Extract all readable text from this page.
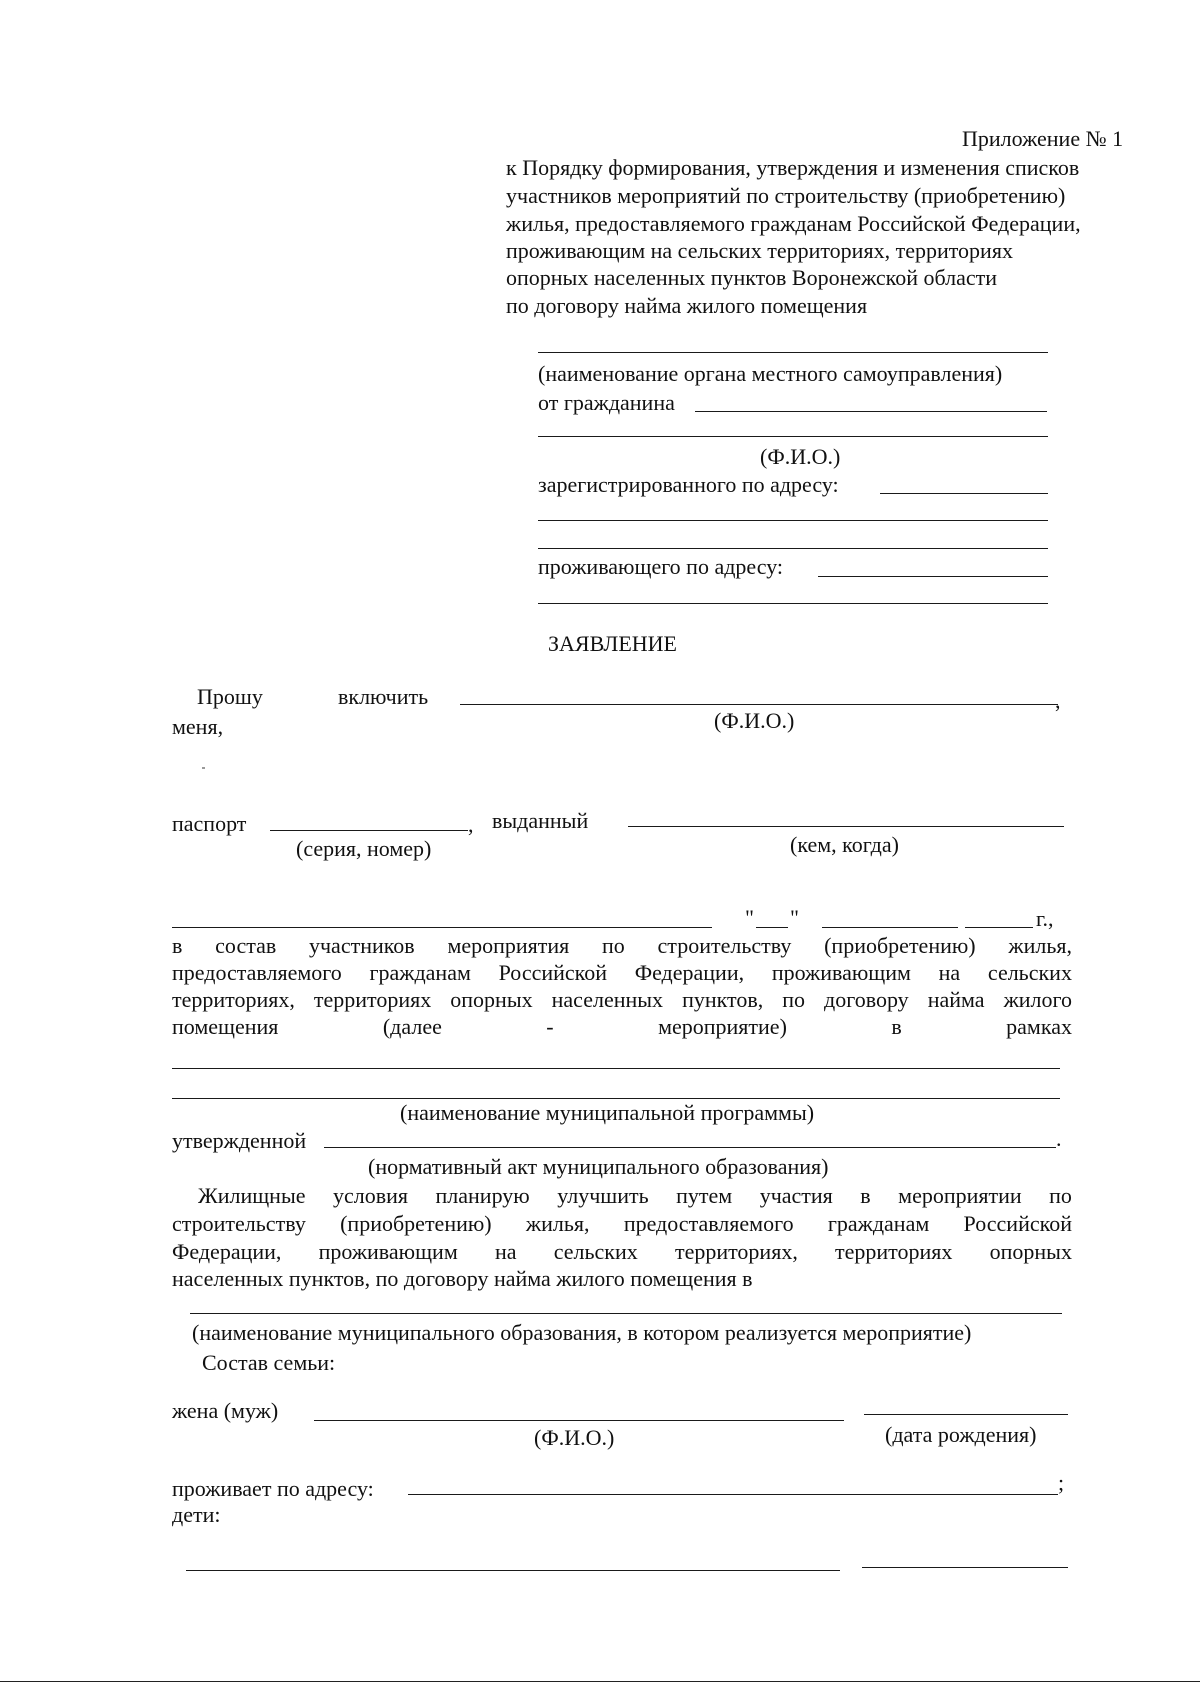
Приложение № 1
к Порядку формирования, утверждения и изменения списков
участников мероприятий по строительству (приобретению)
жилья, предоставляемого гражданам Российской Федерации,
проживающим на сельских территориях, территориях
опорных населенных пунктов Воронежской области
по договору найма жилого помещения
(наименование органа местного самоуправления)
от гражданина
(Ф.И.О.)
зарегистрированного по адресу:
проживающего по адресу:
ЗАЯВЛЕНИЕ
Прошу	включить	,
меня,	(Ф.И.О.)
паспорт	, выданный
(серия, номер)	(кем, когда)
" "	г.,
в состав участников мероприятия по строительству (приобретению) жилья,
предоставляемого гражданам Российской Федерации, проживающим на сельских
территориях, территориях опорных населенных пунктов, по договору найма жилого
помещения	(далее	-	мероприятие)	в	рамках
(наименование муниципальной программы)
утвержденной	.
(нормативный акт муниципального образования)
Жилищные условия планирую улучшить путем участия в мероприятии по
строительству (приобретению) жилья, предоставляемого гражданам Российской
Федерации, проживающим на сельских территориях, территориях опорных
населенных пунктов, по договору найма жилого помещения в
(наименование муниципального образования, в котором реализуется мероприятие)
Состав семьи:
жена (муж)
(Ф.И.О.)	(дата рождения)
проживает по адресу:	;
дети:
